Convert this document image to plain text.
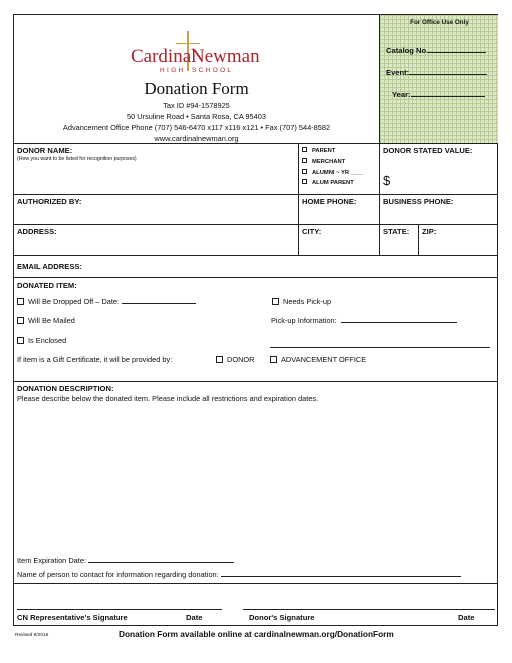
Cardinal
Newman
HIGH SCHOOL
Donation Form
Tax ID #94-1578925
50 Ursuline Road • Santa Rosa, CA 95403
Advancement Office Phone (707) 546-6470 x117 x116 x121 • Fax (707) 544-8582
www.cardinalnewman.org
For Office Use Only
Catalog No.
Event:
Year:
DONOR NAME:
(How you want to be listed for recognition purposes)
PARENT
MERCHANT
ALUMNI ~ YR ____
ALUM PARENT
DONOR STATED VALUE:
$
AUTHORIZED BY:	HOME PHONE:	BUSINESS PHONE:
ADDRESS:	CITY:	STATE: ZIP:
EMAIL ADDRESS:
DONATED ITEM:
Will Be Dropped Off – Date:	Needs Pick-up
Will Be Mailed	Pick-up Information:
Is Enclosed
If item is a Gift Certificate, it will be provided by:	DONOR	ADVANCEMENT OFFICE
DONATION DESCRIPTION:
Please describe below the donated item. Please include all restrictions and expiration dates.
Item Expiration Date:
Name of person to contact for information regarding donation:
CN Representative's Signature	Date	Donor's Signature	Date
Revised 8/2016	Donation Form available online at cardinalnewman.org/DonationForm
